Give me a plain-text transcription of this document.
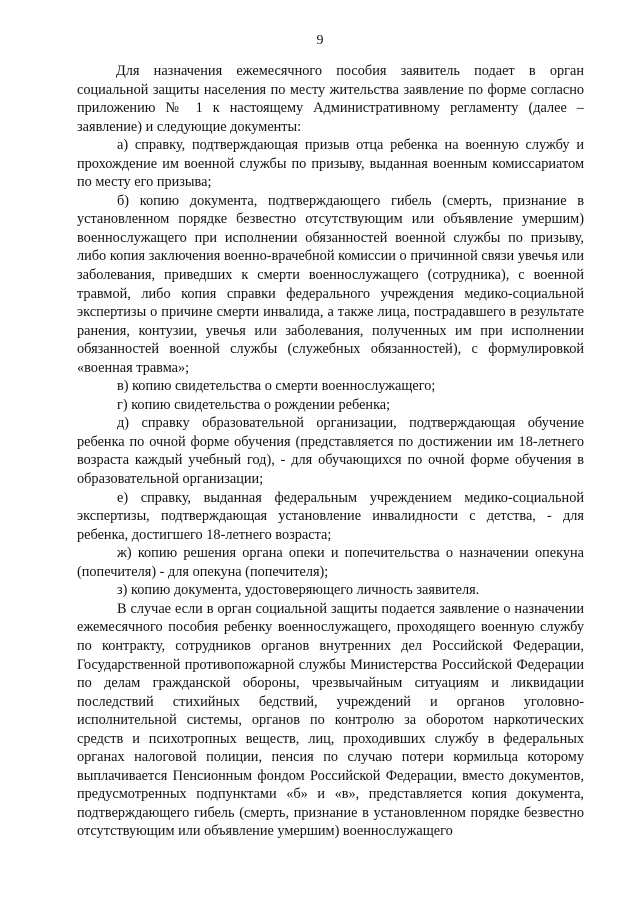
9

Для назначения ежемесячного пособия заявитель подает в орган социальной защиты населения по месту жительства заявление по форме согласно приложению № 1 к настоящему Административному регламенту (далее – заявление) и следующие документы:

а) справку, подтверждающая призыв отца ребенка на военную службу и прохождение им военной службы по призыву, выданная военным комиссариатом по месту его призыва;

б) копию документа, подтверждающего гибель (смерть, признание в установленном порядке безвестно отсутствующим или объявление умершим) военнослужащего при исполнении обязанностей военной службы по призыву, либо копия заключения военно-врачебной комиссии о причинной связи увечья или заболевания, приведших к смерти военнослужащего (сотрудника), с военной травмой, либо копия справки федерального учреждения медико-социальной экспертизы о причине смерти инвалида, а также лица, пострадавшего в результате ранения, контузии, увечья или заболевания, полученных им при исполнении обязанностей военной службы (служебных обязанностей), с формулировкой «военная травма»;

в) копию свидетельства о смерти военнослужащего;

г) копию свидетельства о рождении ребенка;

д) справку образовательной организации, подтверждающая обучение ребенка по очной форме обучения (представляется по достижении им 18-летнего возраста каждый учебный год), - для обучающихся по очной форме обучения в образовательной организации;

е) справку, выданная федеральным учреждением медико-социальной экспертизы, подтверждающая установление инвалидности с детства, - для ребенка, достигшего 18-летнего возраста;

ж) копию решения органа опеки и попечительства о назначении опекуна (попечителя) - для опекуна (попечителя);

з) копию документа, удостоверяющего личность заявителя.

В случае если в орган социальной защиты подается заявление о назначении ежемесячного пособия ребенку военнослужащего, проходящего военную службу по контракту, сотрудников органов внутренних дел Российской Федерации, Государственной противопожарной службы Министерства Российской Федерации по делам гражданской обороны, чрезвычайным ситуациям и ликвидации последствий стихийных бедствий, учреждений и органов уголовно-исполнительной системы, органов по контролю за оборотом наркотических средств и психотропных веществ, лиц, проходивших службу в федеральных органах налоговой полиции, пенсия по случаю потери кормильца которому выплачивается Пенсионным фондом Российской Федерации, вместо документов, предусмотренных подпунктами «б» и «в», представляется копия документа, подтверждающего гибель (смерть, признание в установленном порядке безвестно отсутствующим или объявление умершим) военнослужащего
